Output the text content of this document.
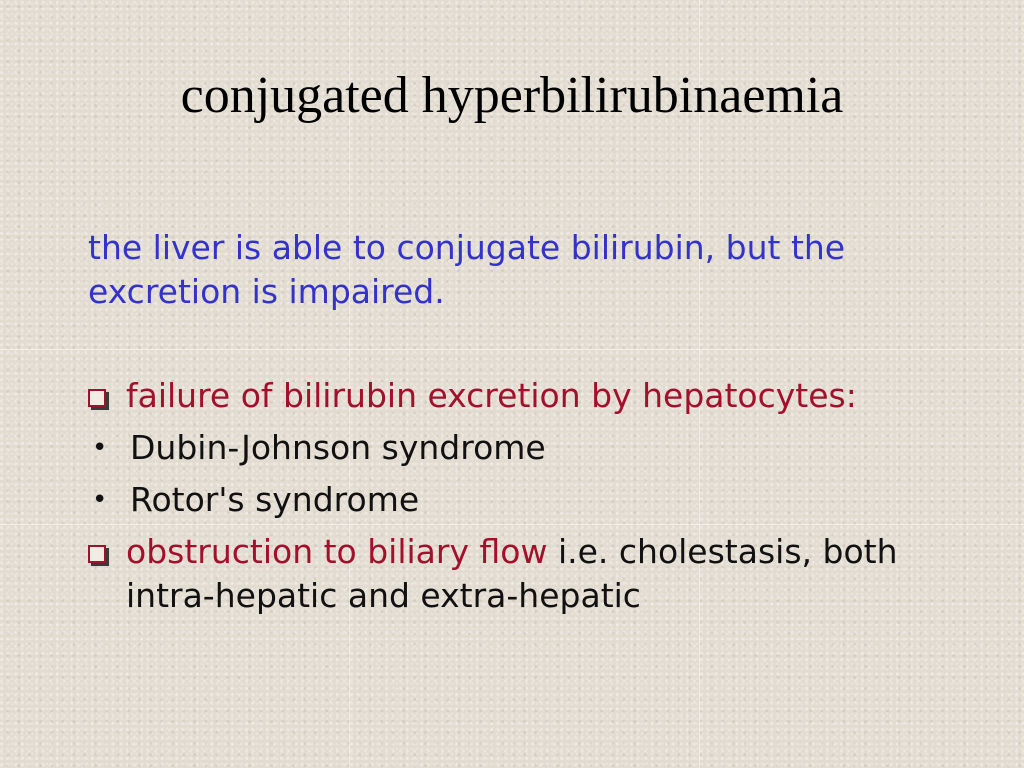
conjugated hyperbilirubinaemia
the liver is able to conjugate bilirubin, but the excretion is impaired.
failure of bilirubin excretion by hepatocytes:
• Dubin-Johnson syndrome
• Rotor's syndrome
obstruction to biliary flow i.e. cholestasis, both intra-hepatic and extra-hepatic
